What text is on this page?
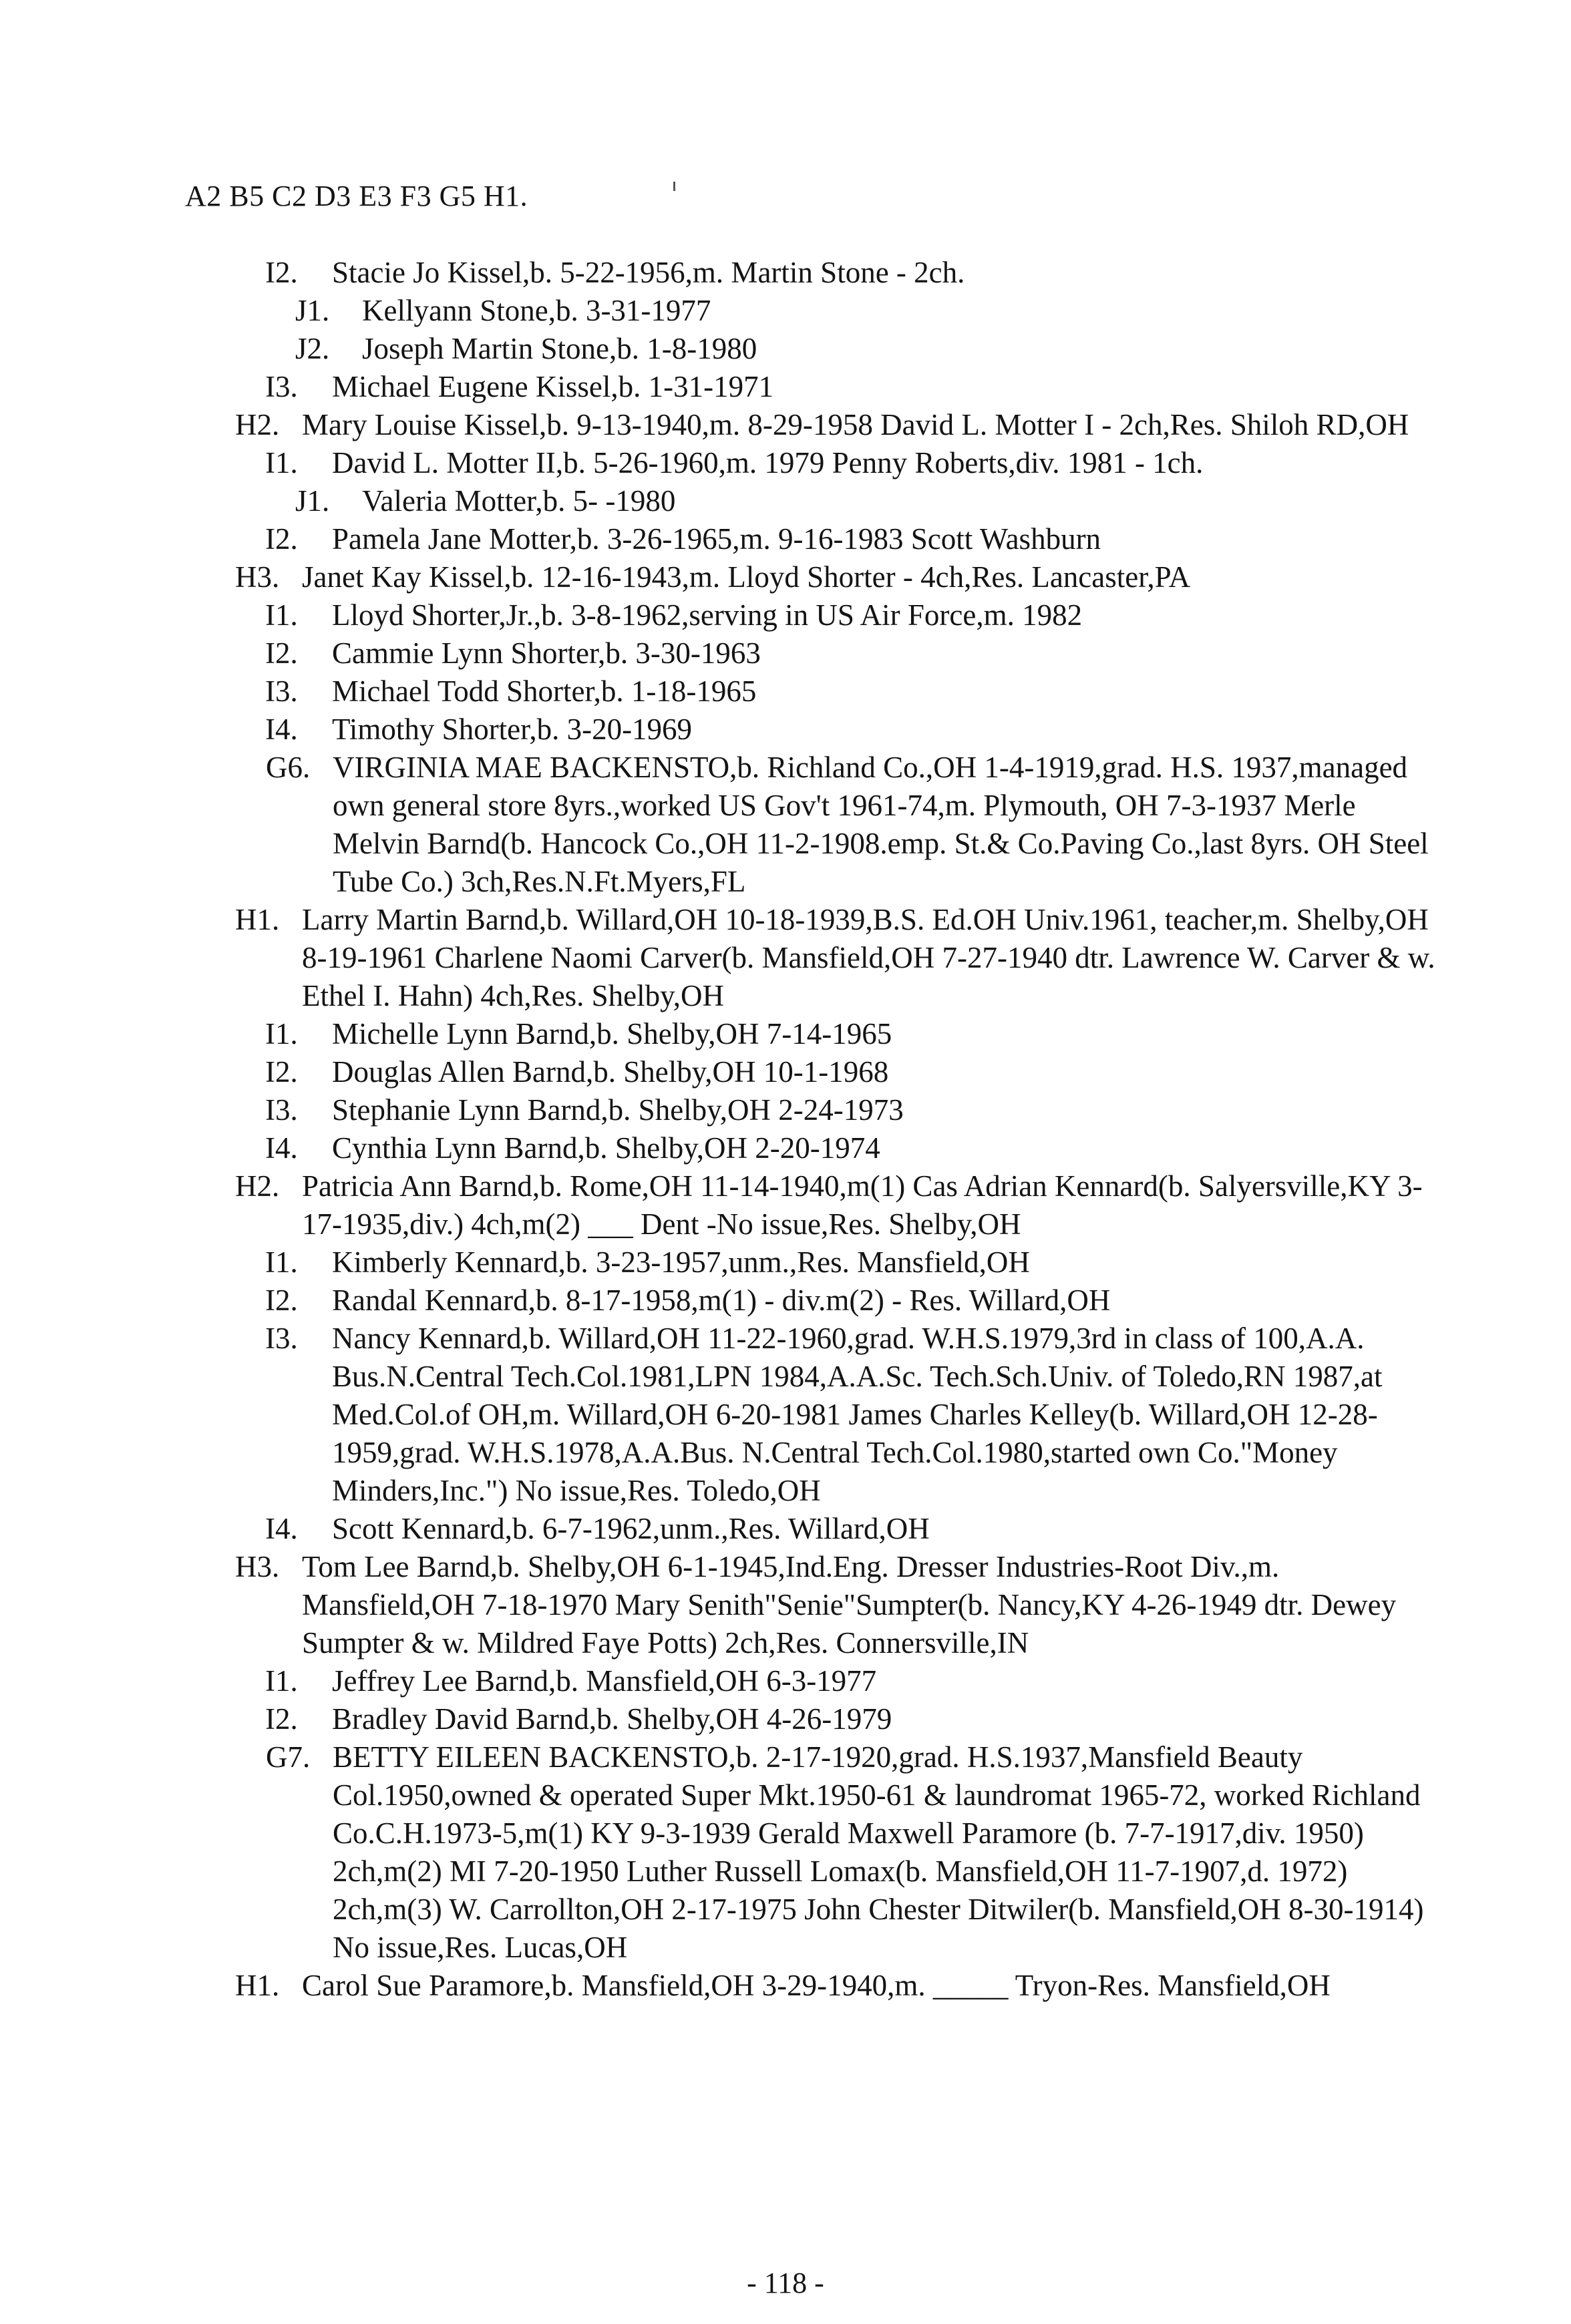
A2 B5 C2 D3 E3 F3 G5 H1.
I2. Stacie Jo Kissel,b. 5-22-1956,m. Martin Stone - 2ch.
J1. Kellyann Stone,b. 3-31-1977
J2. Joseph Martin Stone,b. 1-8-1980
I3. Michael Eugene Kissel,b. 1-31-1971
H2. Mary Louise Kissel,b. 9-13-1940,m. 8-29-1958 David L. Motter I - 2ch,Res. Shiloh RD,OH
I1. David L. Motter II,b. 5-26-1960,m. 1979 Penny Roberts,div. 1981 - 1ch.
J1. Valeria Motter,b. 5- -1980
I2. Pamela Jane Motter,b. 3-26-1965,m. 9-16-1983 Scott Washburn
H3. Janet Kay Kissel,b. 12-16-1943,m. Lloyd Shorter - 4ch,Res. Lancaster,PA
I1. Lloyd Shorter,Jr.,b. 3-8-1962,serving in US Air Force,m. 1982
I2. Cammie Lynn Shorter,b. 3-30-1963
I3. Michael Todd Shorter,b. 1-18-1965
I4. Timothy Shorter,b. 3-20-1969
G6. VIRGINIA MAE BACKENSTO,b. Richland Co.,OH 1-4-1919,grad. H.S. 1937,managed own general store 8yrs.,worked US Gov't 1961-74,m. Plymouth, OH 7-3-1937 Merle Melvin Barnd(b. Hancock Co.,OH 11-2-1908.emp. St.& Co.Paving Co.,last 8yrs. OH Steel Tube Co.) 3ch,Res.N.Ft.Myers,FL
H1. Larry Martin Barnd,b. Willard,OH 10-18-1939,B.S. Ed.OH Univ.1961, teacher,m. Shelby,OH 8-19-1961 Charlene Naomi Carver(b. Mansfield,OH 7-27-1940 dtr. Lawrence W. Carver & w. Ethel I. Hahn) 4ch,Res. Shelby,OH
I1. Michelle Lynn Barnd,b. Shelby,OH 7-14-1965
I2. Douglas Allen Barnd,b. Shelby,OH 10-1-1968
I3. Stephanie Lynn Barnd,b. Shelby,OH 2-24-1973
I4. Cynthia Lynn Barnd,b. Shelby,OH 2-20-1974
H2. Patricia Ann Barnd,b. Rome,OH 11-14-1940,m(1) Cas Adrian Kennard(b. Salyersville,KY 3-17-1935,div.) 4ch,m(2) ___ Dent -No issue,Res. Shelby,OH
I1. Kimberly Kennard,b. 3-23-1957,unm.,Res. Mansfield,OH
I2. Randal Kennard,b. 8-17-1958,m(1) - div.m(2) - Res. Willard,OH
I3. Nancy Kennard,b. Willard,OH 11-22-1960,grad. W.H.S.1979,3rd in class of 100,A.A. Bus.N.Central Tech.Col.1981,LPN 1984,A.A.Sc. Tech.Sch.Univ. of Toledo,RN 1987,at Med.Col.of OH,m. Willard,OH 6-20-1981 James Charles Kelley(b. Willard,OH 12-28-1959,grad. W.H.S.1978,A.A.Bus. N.Central Tech.Col.1980,started own Co."Money Minders,Inc.") No issue,Res. Toledo,OH
I4. Scott Kennard,b. 6-7-1962,unm.,Res. Willard,OH
H3. Tom Lee Barnd,b. Shelby,OH 6-1-1945,Ind.Eng. Dresser Industries-Root Div.,m. Mansfield,OH 7-18-1970 Mary Senith"Senie"Sumpter(b. Nancy,KY 4-26-1949 dtr. Dewey Sumpter & w. Mildred Faye Potts) 2ch,Res. Connersville,IN
I1. Jeffrey Lee Barnd,b. Mansfield,OH 6-3-1977
I2. Bradley David Barnd,b. Shelby,OH 4-26-1979
G7. BETTY EILEEN BACKENSTO,b. 2-17-1920,grad. H.S.1937,Mansfield Beauty Col.1950,owned & operated Super Mkt.1950-61 & laundromat 1965-72, worked Richland Co.C.H.1973-5,m(1) KY 9-3-1939 Gerald Maxwell Paramore (b. 7-7-1917,div. 1950) 2ch,m(2) MI 7-20-1950 Luther Russell Lomax(b. Mansfield,OH 11-7-1907,d. 1972) 2ch,m(3) W. Carrollton,OH 2-17-1975 John Chester Ditwiler(b. Mansfield,OH 8-30-1914) No issue,Res. Lucas,OH
H1. Carol Sue Paramore,b. Mansfield,OH 3-29-1940,m. _____ Tryon-Res. Mansfield,OH
- 118 -
